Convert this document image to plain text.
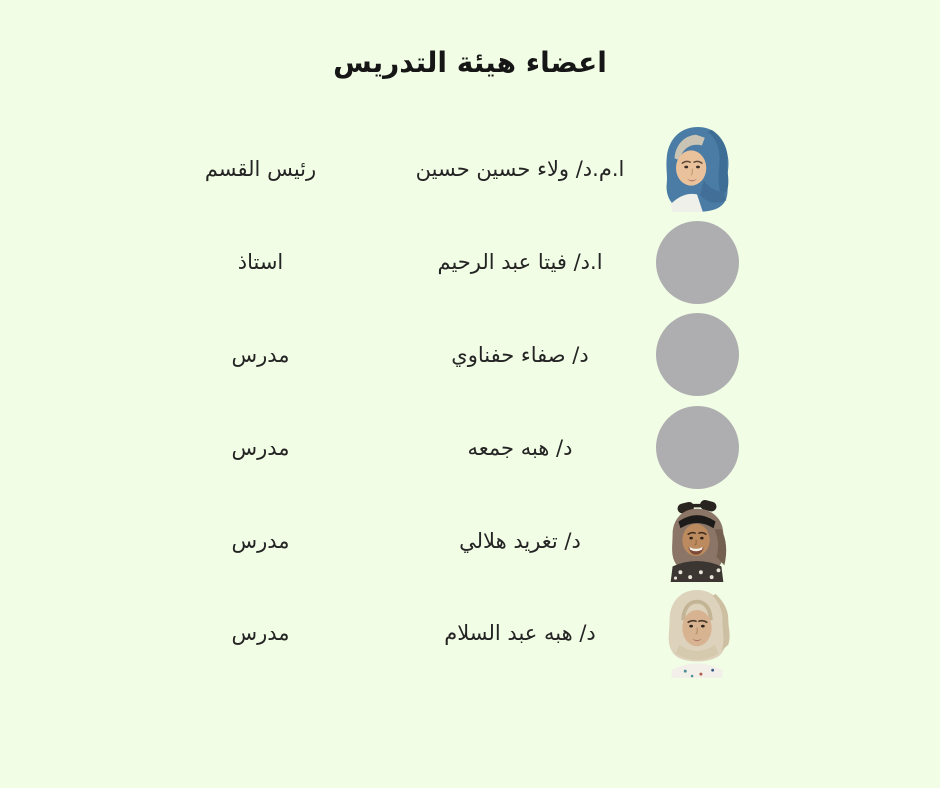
اعضاء هيئة التدريس
رئيس القسم	ا.م.د/ ولاء حسين حسين
استاذ	ا.د/ فيتا عبد الرحيم
مدرس	د/ صفاء حفناوي
مدرس	د/ هبه جمعه
مدرس	د/ تغريد هلالي
مدرس	د/ هبه عبد السلام
